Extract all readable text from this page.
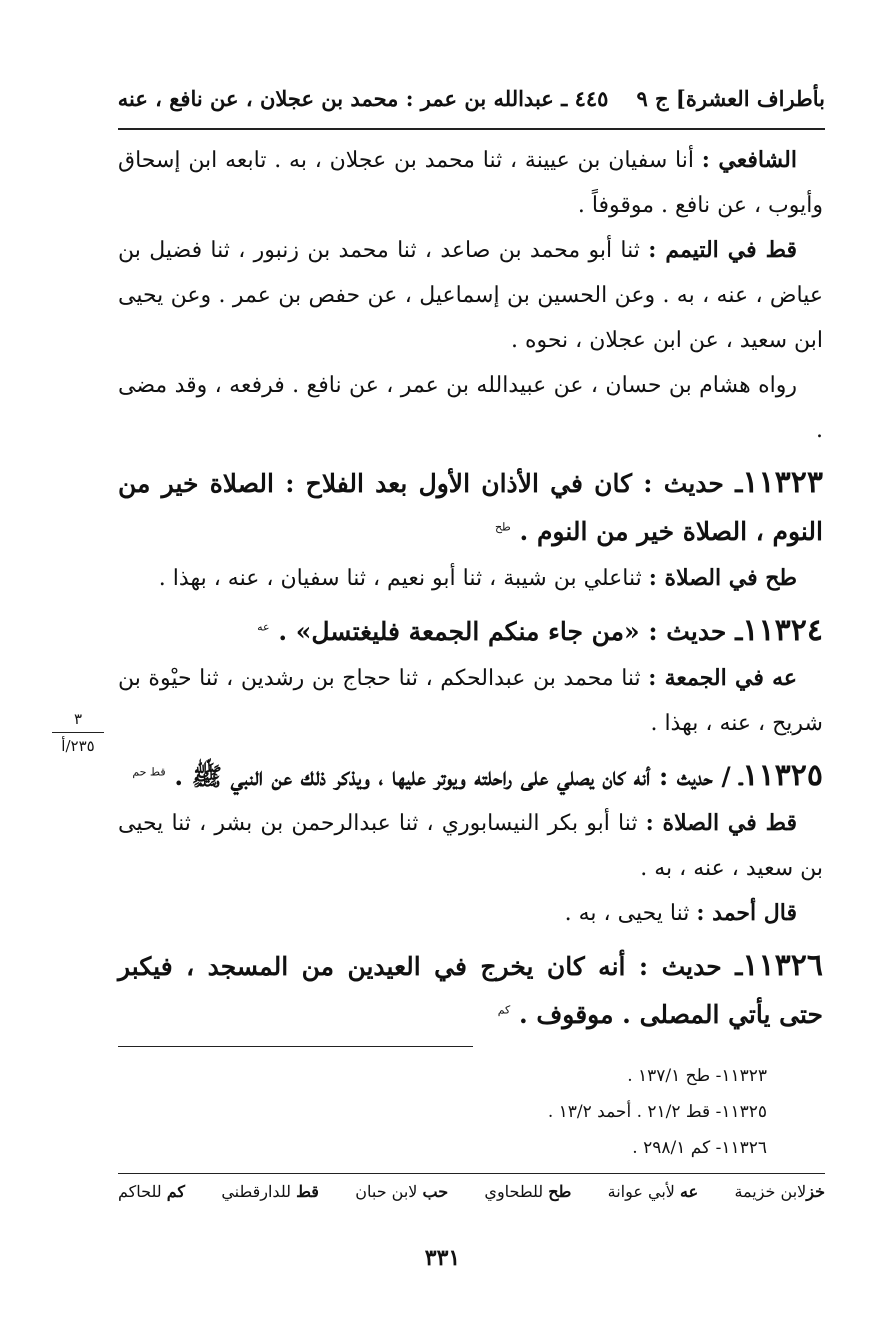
بأطراف العشرة] ج ٩
٤٤٥ ـ عبدالله بن عمر : محمد بن عجلان ، عن نافع ، عنه

الشافعي : أنا سفيان بن عيينة ، ثنا محمد بن عجلان ، به . تابعه ابن إسحاق وأيوب ، عن نافع . موقوفاً .

قط في التيمم : ثنا أبو محمد بن صاعد ، ثنا محمد بن زنبور ، ثنا فضيل بن عياض ، عنه ، به . وعن الحسين بن إسماعيل ، عن حفص بن عمر . وعن يحيى ابن سعيد ، عن ابن عجلان ، نحوه .

رواه هشام بن حسان ، عن عبيدالله بن عمر ، عن نافع . فرفعه ، وقد مضى .

١١٣٢٣ـ حديث : كان في الأذان الأول بعد الفلاح : الصلاة خير من النوم ، الصلاة خير من النوم . $^{طح}$

طح في الصلاة : ثناعلي بن شيبة ، ثنا أبو نعيم ، ثنا سفيان ، عنه ، بهذا .

١١٣٢٤ـ حديث : «من جاء منكم الجمعة فليغتسل» . $^{عه}$

عه في الجمعة : ثنا محمد بن عبدالحكم ، ثنا حجاج بن رشدين ، ثنا حيْوة بن شريح ، عنه ، بهذا .

١١٣٢٥ـ / حديث : أنه كان يصلي على راحلته ويوتر عليها ، ويذكر ذلك عن النبي ﷺ . $^{قط حم}$

قط في الصلاة : ثنا أبو بكر النيسابوري ، ثنا عبدالرحمن بن بشر ، ثنا يحيى بن سعيد ، عنه ، به .

قال أحمد : ثنا يحيى ، به .

١١٣٢٦ـ حديث : أنه كان يخرج في العيدين من المسجد ، فيكبر حتى يأتي المصلى . موقوف . $^{كم}$
٣
٢٣٥/أ
١١٣٢٣- طح ١٣٧/١ .
١١٣٢٥- قط ٢١/٢ . أحمد ١٣/٢ .
١١٣٢٦- كم ٢٩٨/١ .
خزلابن خزيمة
عه لأبي عوانة
طح للطحاوي
حب لابن حبان
قط للدارقطني
كم للحاكم
٣٣١
